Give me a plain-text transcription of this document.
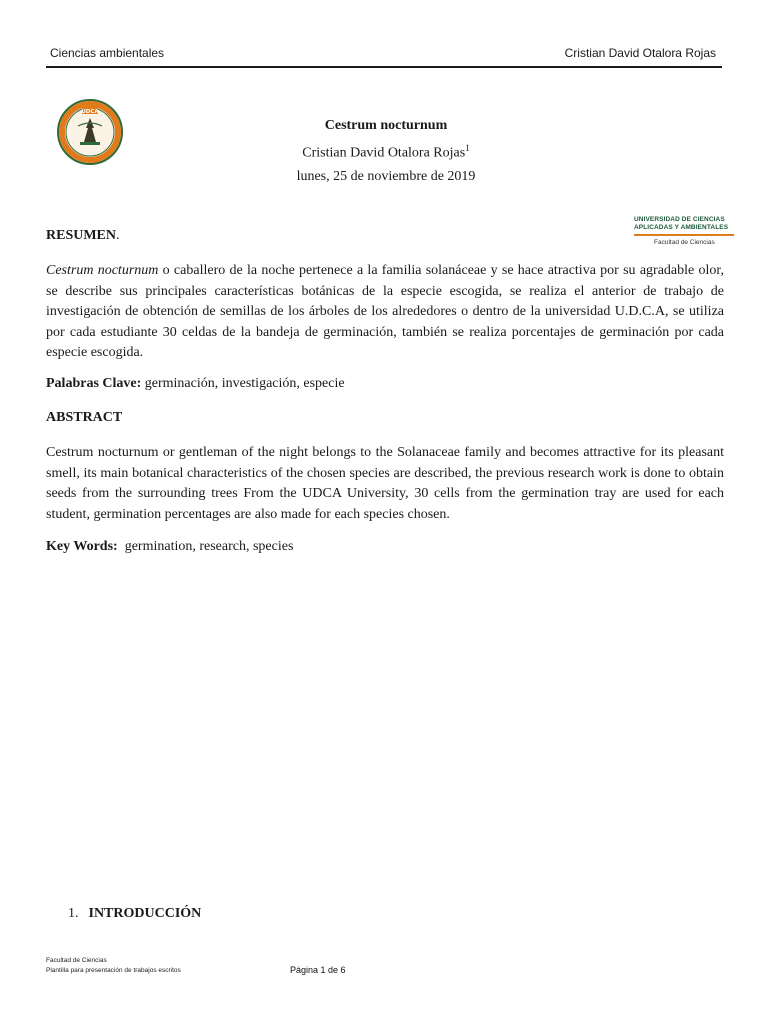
Ciencias ambientales	Cristian David Otalora Rojas
UDCA
Cestrum nocturnum
Cristian David Otalora Rojas$^1$
lunes, 25 de noviembre de 2019
UNIVERSIDAD DE CIENCIAS
APLICADAS Y AMBIENTALES
Facultad de Ciencias
RESUMEN.
Cestrum nocturnum o caballero de la noche pertenece a la familia solanáceae y se hace atractiva por su agradable olor, se describe sus principales características botánicas de la especie escogida, se realiza el anterior de trabajo de investigación de obtención de semillas de los árboles de los alrededores o dentro de la universidad U.D.C.A, se utiliza por cada estudiante 30 celdas de la bandeja de germinación, también se realiza porcentajes de germinación por cada especie escogida.
Palabras Clave: germinación, investigación, especie
ABSTRACT
Cestrum nocturnum or gentleman of the night belongs to the Solanaceae family and becomes attractive for its pleasant smell, its main botanical characteristics of the chosen species are described, the previous research work is done to obtain seeds from the surrounding trees From the UDCA University, 30 cells from the germination tray are used for each student, germination percentages are also made for each species chosen.
Key Words:  germination, research, species
1. INTRODUCCIÓN
Facultad de Ciencias
Plantilla para presentación de trabajos escritos	Página 1 de 6
